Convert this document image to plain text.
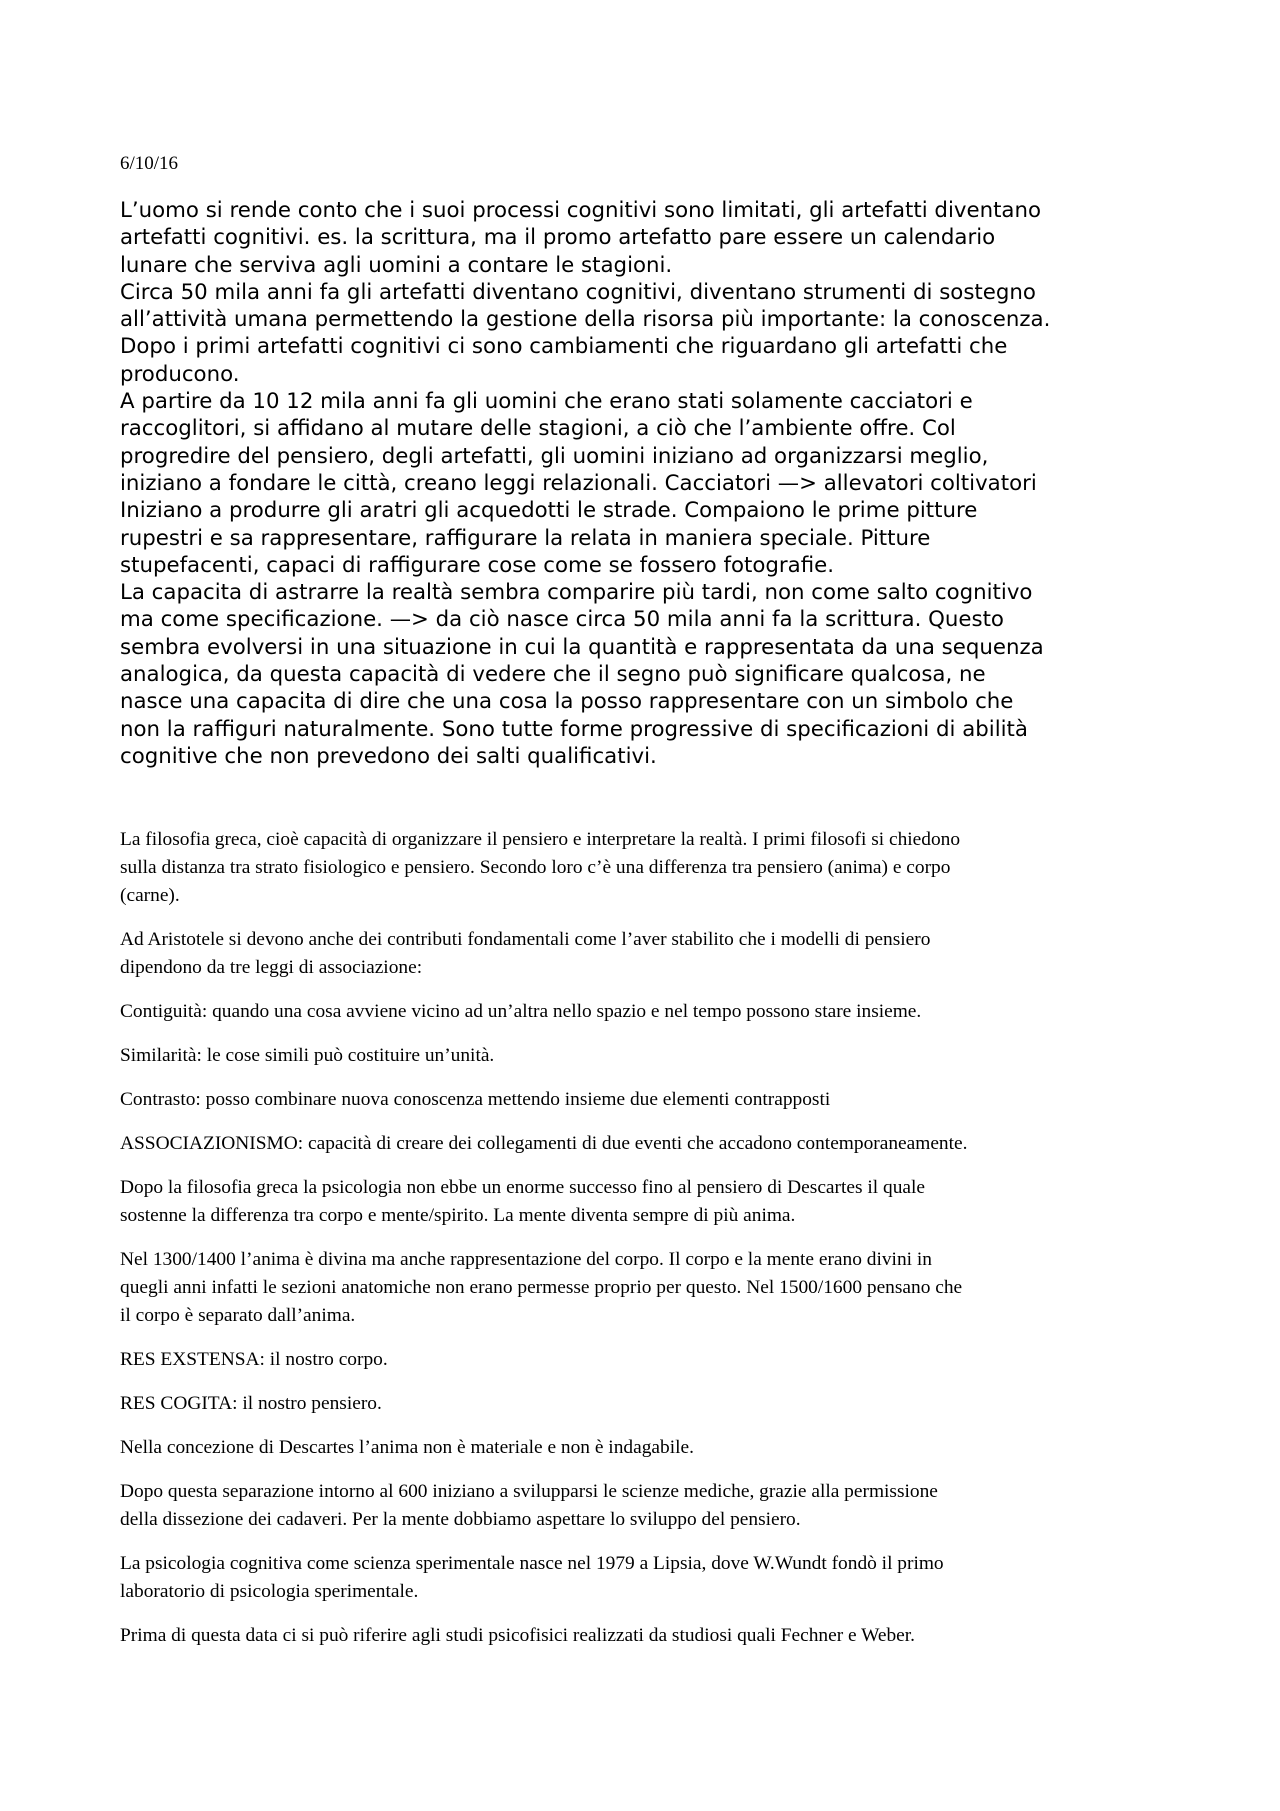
6/10/16

L’uomo si rende conto che i suoi processi cognitivi sono limitati, gli artefatti diventano
artefatti cognitivi. es. la scrittura, ma il promo artefatto pare essere un calendario
lunare che serviva agli uomini a contare le stagioni.

Circa 50 mila anni fa gli artefatti diventano cognitivi, diventano strumenti di sostegno
all’attività umana permettendo la gestione della risorsa più importante: la conoscenza.

Dopo i primi artefatti cognitivi ci sono cambiamenti che riguardano gli artefatti che
producono.

A partire da 10 12 mila anni fa gli uomini che erano stati solamente cacciatori e
raccoglitori, si affidano al mutare delle stagioni, a ciò che l’ambiente offre. Col
progredire del pensiero, degli artefatti, gli uomini iniziano ad organizzarsi meglio,
iniziano a fondare le città, creano leggi relazionali. Cacciatori —> allevatori coltivatori
Iniziano a produrre gli aratri gli acquedotti le strade. Compaiono le prime pitture
rupestri e sa rappresentare, raffigurare la relata in maniera speciale. Pitture
stupefacenti, capaci di raffigurare cose come se fossero fotografie.

La capacita di astrarre la realtà sembra comparire più tardi, non come salto cognitivo
ma come specificazione. —> da ciò nasce circa 50 mila anni fa la scrittura. Questo
sembra evolversi in una situazione in cui la quantità e rappresentata da una sequenza
analogica, da questa capacità di vedere che il segno può significare qualcosa, ne
nasce una capacita di dire che una cosa la posso rappresentare con un simbolo che
non la raffiguri naturalmente. Sono tutte forme progressive di specificazioni di abilità
cognitive che non prevedono dei salti qualificativi.

La filosofia greca, cioè capacità di organizzare il pensiero e interpretare la realtà. I primi filosofi si chiedono
sulla distanza tra strato fisiologico e pensiero. Secondo loro c’è una differenza tra pensiero (anima) e corpo
(carne).

Ad Aristotele si devono anche dei contributi fondamentali come l’aver stabilito che i modelli di pensiero
dipendono da tre leggi di associazione:

Contiguità: quando una cosa avviene vicino ad un’altra nello spazio e nel tempo possono stare insieme.

Similarità: le cose simili può costituire un’unità.

Contrasto: posso combinare nuova conoscenza mettendo insieme due elementi contrapposti

ASSOCIAZIONISMO: capacità di creare dei collegamenti di due eventi che accadono contemporaneamente.

Dopo la filosofia greca la psicologia non ebbe un enorme successo fino al pensiero di Descartes il quale
sostenne la differenza tra corpo e mente/spirito. La mente diventa sempre di più anima.

Nel 1300/1400 l’anima è divina ma anche rappresentazione del corpo. Il corpo e la mente erano divini in
quegli anni infatti le sezioni anatomiche non erano permesse proprio per questo. Nel 1500/1600 pensano che
il corpo è separato dall’anima.

RES EXSTENSA: il nostro corpo.

RES COGITA: il nostro pensiero.

Nella concezione di Descartes l’anima non è materiale e non è indagabile.

Dopo questa separazione intorno al 600 iniziano a svilupparsi le scienze mediche, grazie alla permissione
della dissezione dei cadaveri. Per la mente dobbiamo aspettare lo sviluppo del pensiero.

La psicologia cognitiva come scienza sperimentale nasce nel 1979 a Lipsia, dove W.Wundt fondò il primo
laboratorio di psicologia sperimentale.

Prima di questa data ci si può riferire agli studi psicofisici realizzati da studiosi quali Fechner e Weber.
